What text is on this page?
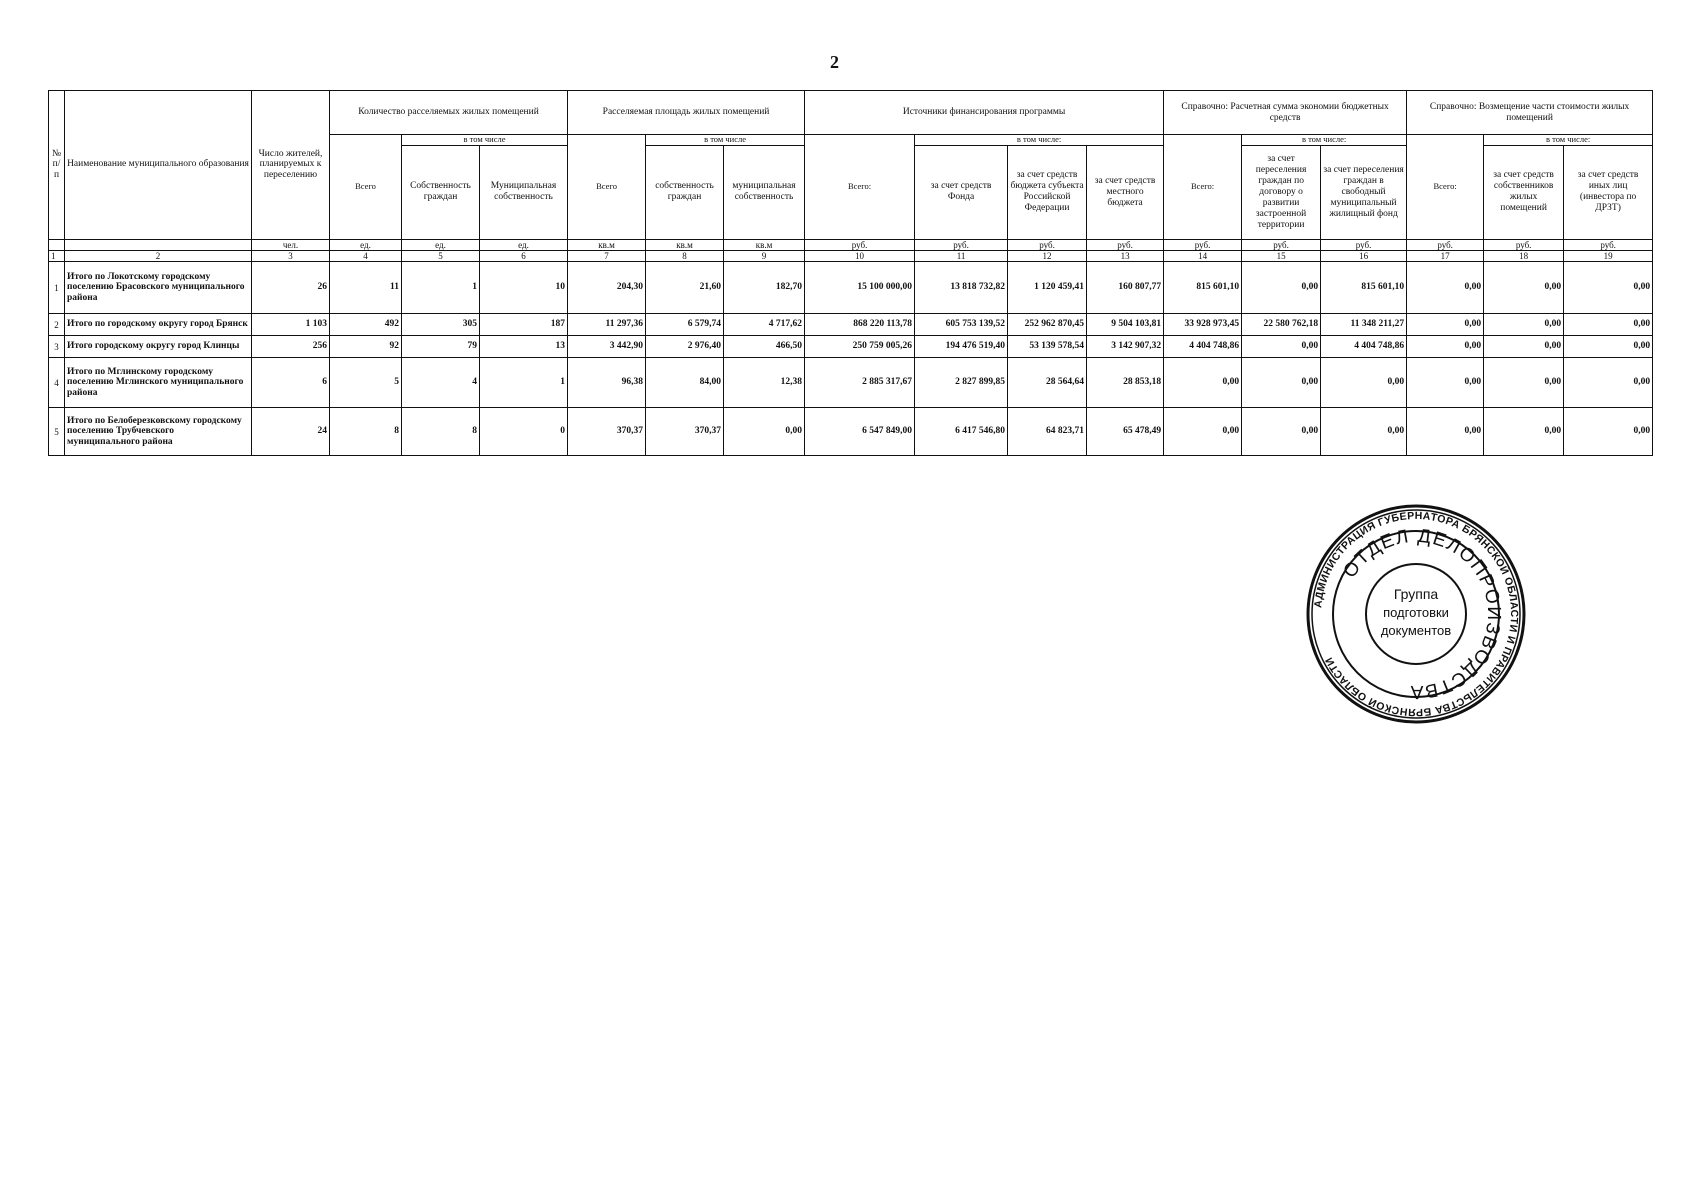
2
№ п/ п	Наименование муниципального образования	Число жителей, планируемых к переселению	Количество расселяемых жилых помещений			Расселяемая площадь жилых помещений			Источники финансирования программы				Справочно: Расчетная сумма экономии бюджетных средств			Справочно: Возмещение части стоимости жилых помещений		
			Всего	в том числе		Всего	в том числе		Всего:	в том числе:			Всего:	в том числе:		Всего:	в том числе:	
				Собственность граждан	Муниципальная собственность		собственность граждан	муниципальная собственность		за счет средств Фонда	за счет средств бюджета субъекта Российской Федерации	за счет средств местного бюджета		за счет переселения граждан по договору о развитии застроенной территории	за счет переселения граждан в свободный муниципальный жилищный фонд		за счет средств собственников жилых помещений	за счет средств иных лиц (инвестора по ДРЗТ)
		чел.	ед.	ед.	ед.	кв.м	кв.м	кв.м	руб.	руб.	руб.	руб.	руб.	руб.	руб.	руб.	руб.	руб.
1	2	3	4	5	6	7	8	9	10	11	12	13	14	15	16	17	18	19
1	Итого по Локотскому городскому поселению Брасовского муниципального района	26	11	1	10	204,30	21,60	182,70	15 100 000,00	13 818 732,82	1 120 459,41	160 807,77	815 601,10	0,00	815 601,10	0,00	0,00	0,00
2	Итого по городскому округу город Брянск	1 103	492	305	187	11 297,36	6 579,74	4 717,62	868 220 113,78	605 753 139,52	252 962 870,45	9 504 103,81	33 928 973,45	22 580 762,18	11 348 211,27	0,00	0,00	0,00
3	Итого городскому округу город Клинцы	256	92	79	13	3 442,90	2 976,40	466,50	250 759 005,26	194 476 519,40	53 139 578,54	3 142 907,32	4 404 748,86	0,00	4 404 748,86	0,00	0,00	0,00
4	Итого по Мглинскому городскому поселению Мглинского муниципального района	6	5	4	1	96,38	84,00	12,38	2 885 317,67	2 827 899,85	28 564,64	28 853,18	0,00	0,00	0,00	0,00	0,00	0,00
5	Итого по Белоберезковскому городскому поселению Трубчевского муниципального района	24	8	8	0	370,37	370,37	0,00	6 547 849,00	6 417 546,80	64 823,71	65 478,49	0,00	0,00	0,00	0,00	0,00	0,00
АДМИНИСТРАЦИЯ ГУБЕРНАТОРА БРЯНСКОЙ ОБЛАСТИ И ПРАВИТЕЛЬСТВА БРЯНСКОЙ ОБЛАСТИ
ОТДЕЛ ДЕЛОПРОИЗВОДСТВА
Группа
подготовки
документов
